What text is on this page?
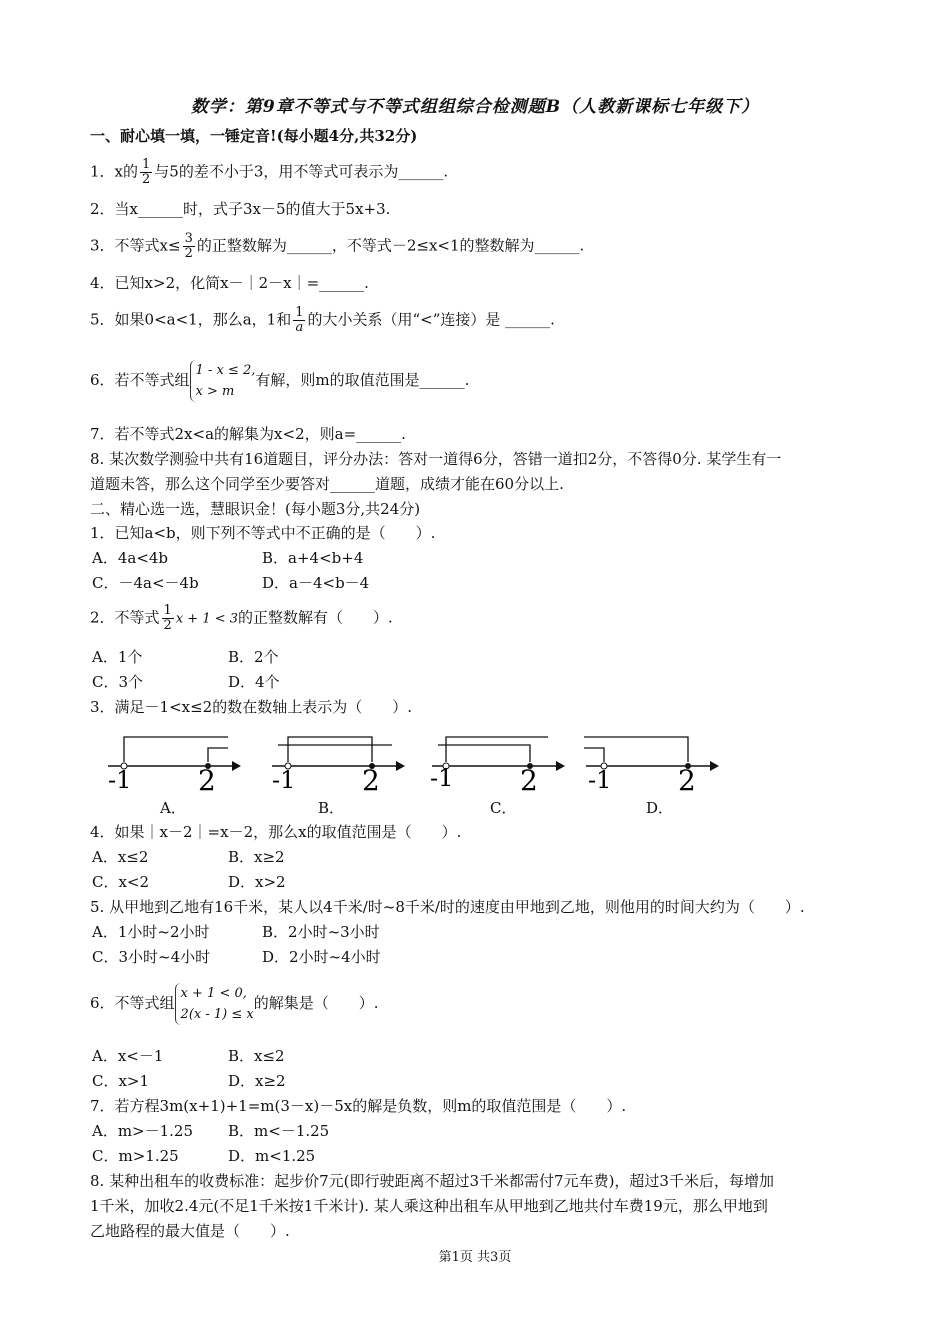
数学：第9章不等式与不等式组组综合检测题B（人教新课标七年级下）
一、耐心填一填，一锤定音!(每小题4分,共32分)
1．x的 $\frac{1}{2}$ 与5的差不小于3，用不等式可表示为______.
2．当x______时，式子3x－5的值大于5x+3.
3．不等式$x\le \frac{3}{2}$ 的正整数解为______，不等式－2≤x<1的整数解为______.
4．已知x>2，化简x－｜2－x｜=______.
5．如果0<a<1，那么a，1和 $\frac{1}{a}$ 的大小关系（用“<”连接）是 ______.
6．若不等式组
1 - x ≤ 2,
x > m
有解，则m的取值范围是______.
7．若不等式2x<a的解集为x<2，则a=______.
8. 某次数学测验中共有16道题目，评分办法：答对一道得6分，答错一道扣2分，不答得0分. 某学生有一
道题未答，那么这个同学至少要答对______道题，成绩才能在60分以上.
二、精心选一选，慧眼识金！(每小题3分,共24分)
1．已知a<b，则下列不等式中不正确的是（　　）.
A．4a<4b	B．a+4<b+4
C．－4a<－4b	D．a－4<b－4
2．不等式 $\frac{1}{2}$ x + 1 < 3的正整数解有（　　）.
A．1个	B．2个
C．3个	D．4个
3．满足－1<x≤2的数在数轴上表示为（　　）.
-1 2
A．
-1 2
B．
-1 2
C．
-1 2
D．
4．如果｜x－2｜=x－2，那么x的取值范围是（　　）.
A．x≤2	B．x≥2
C．x<2	D．x>2
5. 从甲地到乙地有16千米，某人以4千米/时~8千米/时的速度由甲地到乙地，则他用的时间大约为（　　）.
A．1小时~2小时	B．2小时~3小时
C．3小时~4小时	D．2小时~4小时
6．不等式组
x + 1 < 0,
2(x - 1) ≤ x
的解集是（　　）.
A．x<－1	B．x≤2
C．x>1	D．x≥2
7．若方程3m(x+1)+1=m(3－x)－5x的解是负数，则m的取值范围是（　　）.
A．m>－1.25 B．m<－1.25
C．m>1.25	D．m<1.25
8. 某种出租车的收费标准：起步价7元(即行驶距离不超过3千米都需付7元车费)，超过3千米后，每增加
1千米，加收2.4元(不足1千米按1千米计). 某人乘这种出租车从甲地到乙地共付车费19元，那么甲地到
乙地路程的最大值是（　　）.
第1页 共3页
